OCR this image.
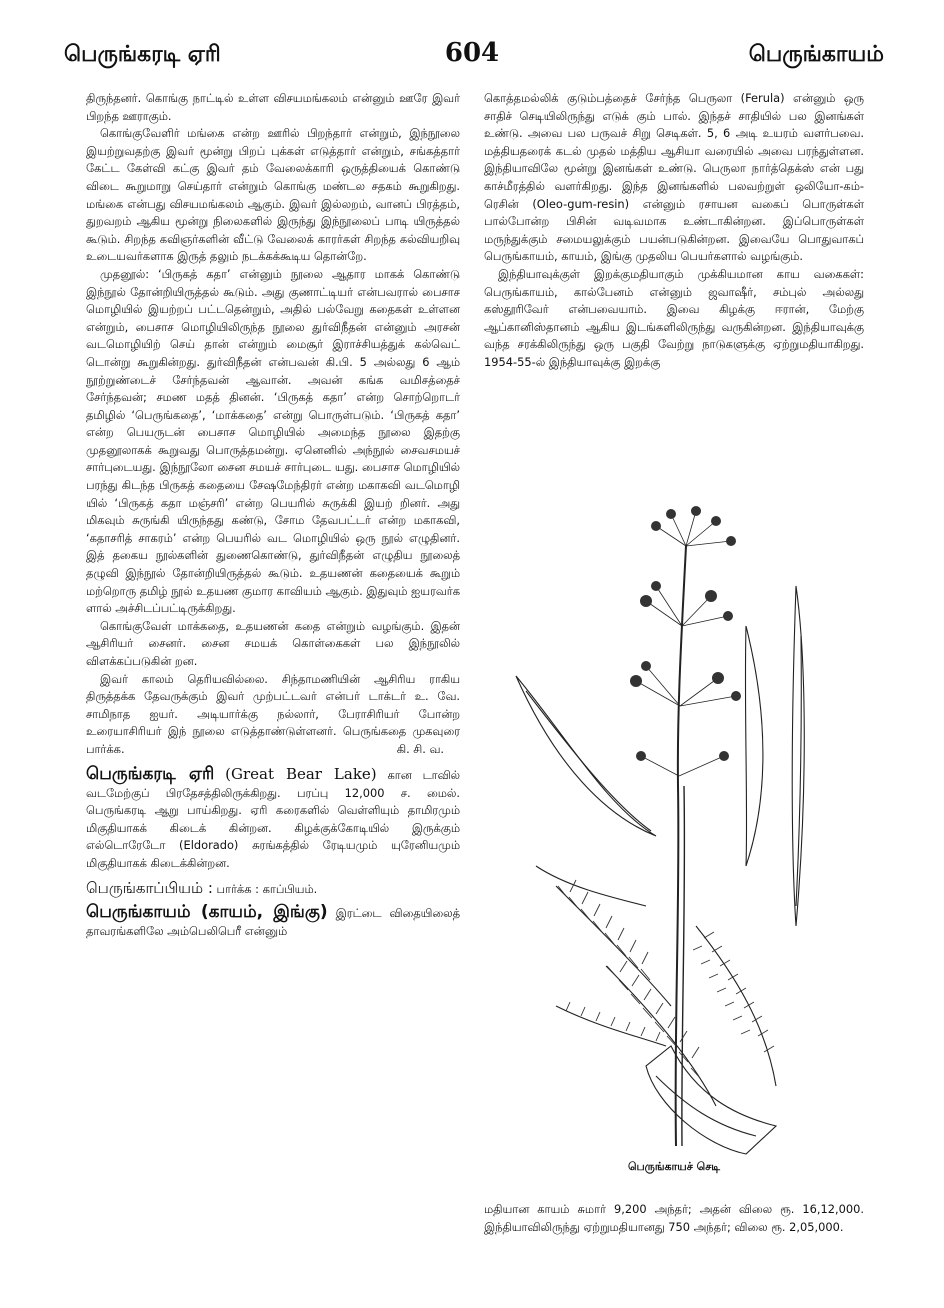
பெருங்கரடி ஏரி	604	பெருங்காயம்

திருந்தனர். கொங்கு நாட்டில் உள்ள விசயமங்கலம் என்னும் ஊரே இவர் பிறந்த ஊராகும்.

கொங்குவேளிர் மங்கை என்ற ஊரில் பிறந்தார் என்றும், இந்நூலை இயற்றுவதற்கு இவர் மூன்று பிறப் புக்கள் எடுத்தார் என்றும், சங்கத்தார் கேட்ட கேள்வி கட்கு இவர் தம் வேலைக்காரி ஒருத்தியைக் கொண்டு விடை கூறுமாறு செய்தார் என்றும் கொங்கு மண்டல சதகம் கூறுகிறது. மங்கை என்பது விசயமங்கலம் ஆகும். இவர் இல்லறம், வானப் பிரத்தம், துறவறம் ஆகிய மூன்று நிலைகளில் இருந்து இந்நூலைப் பாடி யிருத்தல் கூடும். சிறந்த கவிஞர்களின் வீட்டு வேலைக் காரர்கள் சிறந்த கல்வியறிவு உடையவர்களாக இருத் தலும் நடக்கக்கூடிய தொன்றே.

முதனூல்: ‘பிருகத் கதா’ என்னும் நூலை ஆதார மாகக் கொண்டு இந்நூல் தோன்றியிருத்தல் கூடும். அது குணாட்டியர் என்பவரால் பைசாச மொழியில் இயற்றப் பட்டதென்றும், அதில் பல்வேறு கதைகள் உள்ளன என்றும், பைசாச மொழியிலிருந்த நூலை துர்விநீதன் என்னும் அரசன் வடமொழியிற் செய் தான் என்றும் மைசூர் இராச்சியத்துக் கல்வெட் டொன்று கூறுகின்றது. துர்விநீதன் என்பவன் கி.பி. 5 அல்லது 6 ஆம் நூற்றுண்டைச் சேர்ந்தவன் ஆவான். அவன் கங்க வமிசத்தைச் சேர்ந்தவன்; சமண மதத் தினன். ‘பிருகத் கதா’ என்ற சொற்றொடர் தமிழில் ‘பெருங்கதை’, ‘மாக்கதை’ என்று பொருள்படும். ‘பிருகத் கதா’ என்ற பெயருடன் பைசாச மொழியில் அமைந்த நூலை இதற்கு முதனூலாகக் கூறுவது பொருத்தமன்று. ஏனெனில் அந்நூல் சைவசமயச் சார்புடையது. இந்நூலோ சைன சமயச் சார்புடை யது. பைசாச மொழியில் பரந்து கிடந்த பிருகத் கதையை சேஷமேந்திரர் என்ற மகாகவி வடமொழி யில் ‘பிருகத் கதா மஞ்சரி’ என்ற பெயரில் சுருக்கி இயற் றினர். அது மிகவும் சுருங்கி யிருந்தது கண்டு, சோம தேவபட்டர் என்ற மகாகவி, ‘கதாசரித் சாகரம்’ என்ற பெயரில் வட மொழியில் ஒரு நூல் எழுதினர். இத் தகைய நூல்களின் துணைகொண்டு, துர்விநீதன் எழுதிய நூலைத் தழுவி இந்நூல் தோன்றியிருத்தல் கூடும். உதயணன் கதையைக் கூறும் மற்றொரு தமிழ் நூல் உதயண குமார காவியம் ஆகும். இதுவும் ஐயரவர்க ளால் அச்சிடப்பட்டிருக்கிறது.

கொங்குவேள் மாக்கதை, உதயணன் கதை என்றும் வழங்கும். இதன் ஆசிரியர் சைனர். சைன சமயக் கொள்கைகள் பல இந்நூலில் விளக்கப்படுகின் றன.

இவர் காலம் தெரியவில்லை. சிந்தாமணியின் ஆசிரிய ராகிய திருத்தக்க தேவருக்கும் இவர் முற்பட்டவர் என்பர் டாக்டர் உ. வே. சாமிநாத ஐயர். அடியார்க்கு நல்லார், பேராசிரியர் போன்ற உரையாசிரியர் இந் நூலை எடுத்தாண்டுள்ளனர். பெருங்கதை முகவுரை பார்க்க.	கி. சி. வ.

பெருங்கரடி ஏரி (Great Bear Lake) கான டாவில் வடமேற்குப் பிரதேசத்திலிருக்கிறது. பரப்பு 12,000 ச. மைல். பெருங்கரடி ஆறு பாய்கிறது. ஏரி கரைகளில் வெள்ளியும் தாமிரமும் மிகுதியாகக் கிடைக் கின்றன. கிழக்குக்கோடியில் இருக்கும் எல்டொரேடோ (Eldorado) சுரங்கத்தில் ரேடியமும் யுரேனியமும் மிகுதியாகக் கிடைக்கின்றன.

பெருங்காப்பியம் : பார்க்க : காப்பியம்.

பெருங்காயம் (காயம், இங்கு) இரட்டை விதையிலைத் தாவரங்களிலே அம்பெலிபெரீ என்னும்

கொத்தமல்லிக் குடும்பத்தைச் சேர்ந்த பெருலா (Ferula) என்னும் ஒரு சாதிச் செடியிலிருந்து எடுக் கும் பால். இந்தச் சாதியில் பல இனங்கள் உண்டு. அவை பல பருவச் சிறு செடிகள். 5, 6 அடி உயரம் வளர்பவை. மத்தியதரைக் கடல் முதல் மத்திய ஆசியா வரையில் அவை பரந்துள்ளன. இந்தியாவிலே மூன்று இனங்கள் உண்டு. பெருலா நார்த்தெக்ஸ் என் பது காச்மீரத்தில் வளர்கிறது. இந்த இனங்களில் பலவற்றுள் ஒலியோ-கம்-ரெசின் (Oleo-gum-resin) என்னும் ரசாயன வகைப் பொருள்கள் பால்போன்ற பிசின் வடிவமாக உண்டாகின்றன. இப்பொருள்கள் மருந்துக்கும் சமையலுக்கும் பயன்படுகின்றன. இவையே பொதுவாகப் பெருங்காயம், காயம், இங்கு முதலிய பெயர்களால் வழங்கும்.

இந்தியாவுக்குள் இறக்குமதியாகும் முக்கியமான காய வகைகள்: பெருங்காயம், கால்பேனம் என்னும் ஜவாஷீர், சம்புல் அல்லது கஸ்தூரிவேர் என்பவையாம். இவை கிழக்கு ஈரான், மேற்கு ஆப்கானிஸ்தானம் ஆகிய இடங்களிலிருந்து வருகின்றன. இந்தியாவுக்கு வந்த சரக்கிலிருந்து ஒரு பகுதி வேற்று நாடுகளுக்கு ஏற்றுமதியாகிறது. 1954-55-ல் இந்தியாவுக்கு இறக்கு

பெருங்காயச் செடி

மதியான காயம் சுமார் 9,200 அந்தர்; அதன் விலை ரூ. 16,12,000. இந்தியாவிலிருந்து ஏற்றுமதியானது 750 அந்தர்; விலை ரூ. 2,05,000.
